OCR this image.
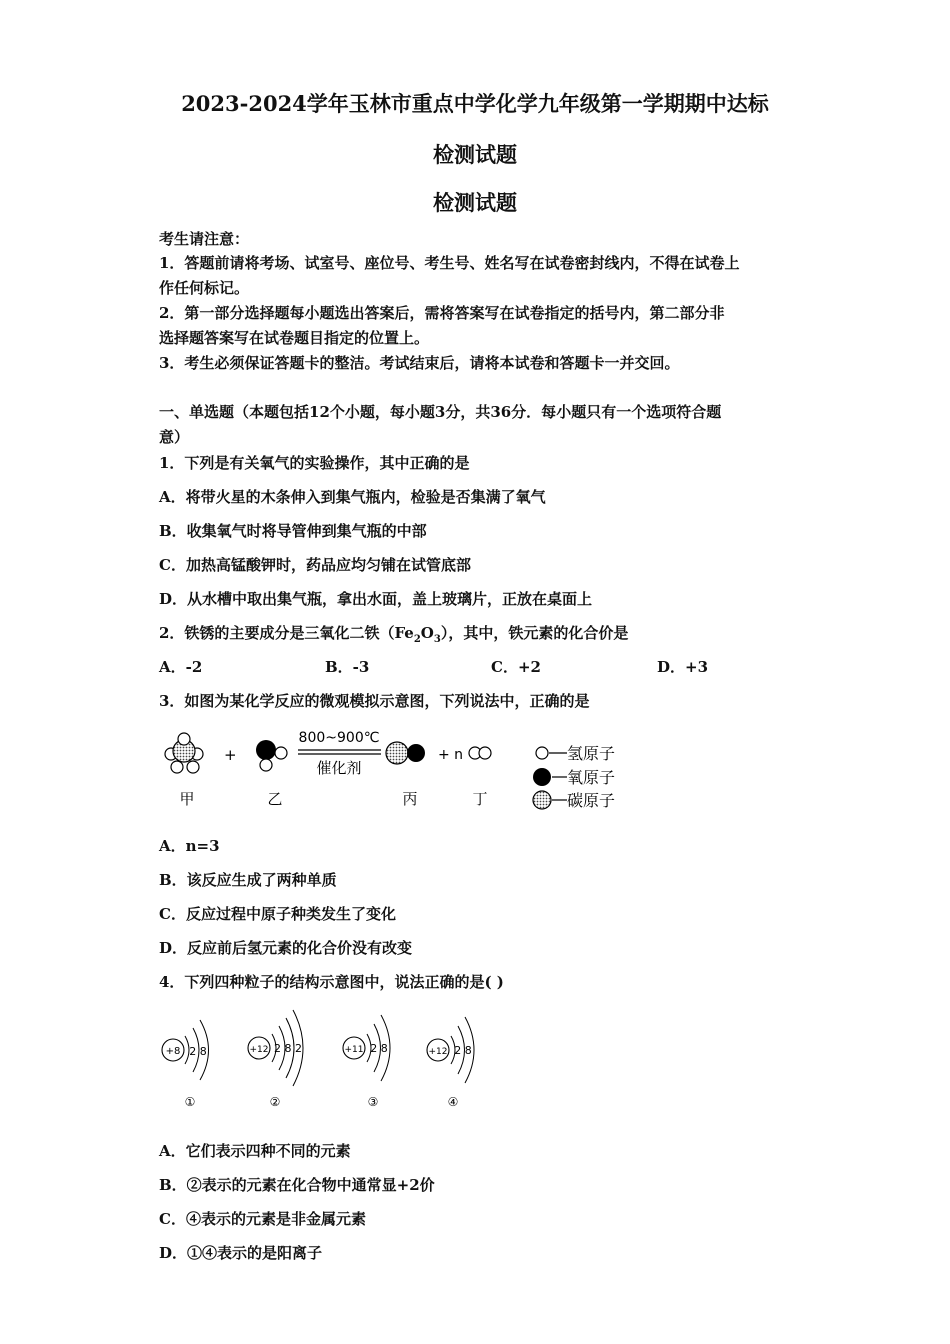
2023-2024学年玉林市重点中学化学九年级第一学期期中达标
检测试题
检测试题
考生请注意：
1．答题前请将考场、试室号、座位号、考生号、姓名写在试卷密封线内，不得在试卷上
作任何标记。
2．第一部分选择题每小题选出答案后，需将答案写在试卷指定的括号内，第二部分非
选择题答案写在试卷题目指定的位置上。
3．考生必须保证答题卡的整洁。考试结束后，请将本试卷和答题卡一并交回。
一、单选题（本题包括12个小题，每小题3分，共36分．每小题只有一个选项符合题
意）
1．下列是有关氧气的实验操作，其中正确的是
A．将带火星的木条伸入到集气瓶内，检验是否集满了氧气
B．收集氧气时将导管伸到集气瓶的中部
C．加热高锰酸钾时，药品应均匀铺在试管底部
D．从水槽中取出集气瓶，拿出水面，盖上玻璃片，正放在桌面上
2．铁锈的主要成分是三氧化二铁$(Fe_2O_3)$，其中，铁元素的化合价是
A．-2	B．-3	C．+2	D．+3
3．如图为某化学反应的微观模拟示意图，下列说法中，正确的是
+
800~900℃
催化剂
+ n
甲	乙	丙	丁
氢原子
氧原子
碳原子
A．n=3
B．该反应生成了两种单质
C．反应过程中原子种类发生了变化
D．反应前后氢元素的化合价没有改变
4．下列四种粒子的结构示意图中，说法正确的是( )
+8 2 8
①
+12 2 8 2
②
+11 2 8
③
+12 2 8
④
A．它们表示四种不同的元素
B．②表示的元素在化合物中通常显+2价
C．④表示的元素是非金属元素
D．①④表示的是阳离子
